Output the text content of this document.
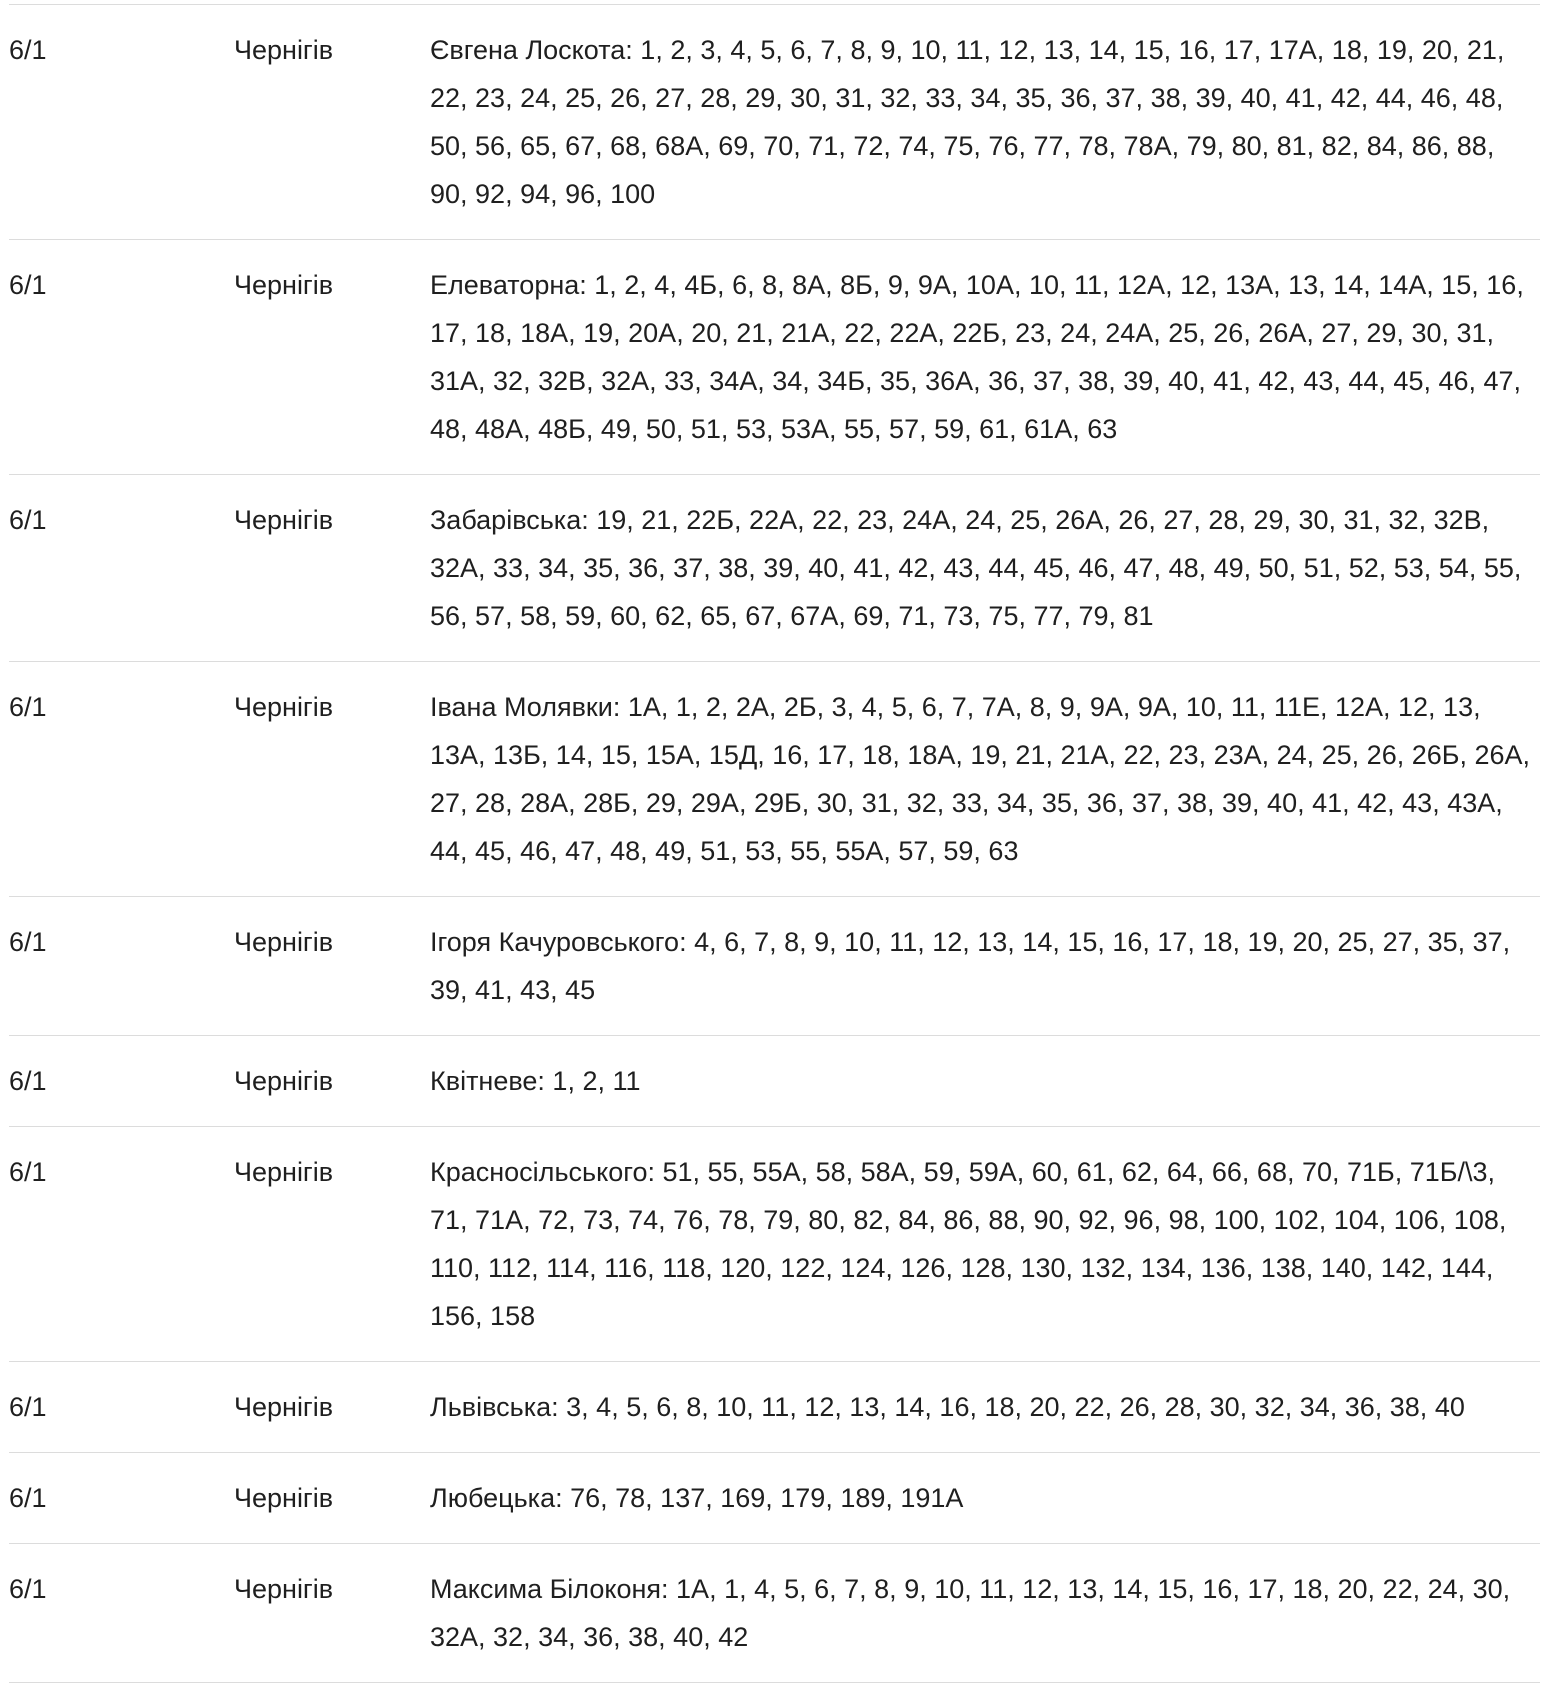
6/1	Чернігів	Євгена Лоскота: 1, 2, 3, 4, 5, 6, 7, 8, 9, 10, 11, 12, 13, 14, 15, 16, 17, 17А, 18, 19, 20, 21, 22, 23, 24, 25, 26, 27, 28, 29, 30, 31, 32, 33, 34, 35, 36, 37, 38, 39, 40, 41, 42, 44, 46, 48, 50, 56, 65, 67, 68, 68А, 69, 70, 71, 72, 74, 75, 76, 77, 78, 78А, 79, 80, 81, 82, 84, 86, 88, 90, 92, 94, 96, 100
6/1	Чернігів	Елеваторна: 1, 2, 4, 4Б, 6, 8, 8А, 8Б, 9, 9А, 10А, 10, 11, 12А, 12, 13А, 13, 14, 14А, 15, 16, 17, 18, 18А, 19, 20А, 20, 21, 21А, 22, 22А, 22Б, 23, 24, 24А, 25, 26, 26А, 27, 29, 30, 31, 31А, 32, 32В, 32А, 33, 34А, 34, 34Б, 35, 36А, 36, 37, 38, 39, 40, 41, 42, 43, 44, 45, 46, 47, 48, 48А, 48Б, 49, 50, 51, 53, 53А, 55, 57, 59, 61, 61А, 63
6/1	Чернігів	Забарівська: 19, 21, 22Б, 22А, 22, 23, 24А, 24, 25, 26А, 26, 27, 28, 29, 30, 31, 32, 32В, 32А, 33, 34, 35, 36, 37, 38, 39, 40, 41, 42, 43, 44, 45, 46, 47, 48, 49, 50, 51, 52, 53, 54, 55, 56, 57, 58, 59, 60, 62, 65, 67, 67А, 69, 71, 73, 75, 77, 79, 81
6/1	Чернігів	Івана Молявки: 1А, 1, 2, 2А, 2Б, 3, 4, 5, 6, 7, 7А, 8, 9, 9А, 9А, 10, 11, 11Е, 12А, 12, 13, 13А, 13Б, 14, 15, 15А, 15Д, 16, 17, 18, 18А, 19, 21, 21А, 22, 23, 23А, 24, 25, 26, 26Б, 26А, 27, 28, 28А, 28Б, 29, 29А, 29Б, 30, 31, 32, 33, 34, 35, 36, 37, 38, 39, 40, 41, 42, 43, 43А, 44, 45, 46, 47, 48, 49, 51, 53, 55, 55А, 57, 59, 63
6/1	Чернігів	Ігоря Качуровського: 4, 6, 7, 8, 9, 10, 11, 12, 13, 14, 15, 16, 17, 18, 19, 20, 25, 27, 35, 37, 39, 41, 43, 45
6/1	Чернігів	Квітневе: 1, 2, 11
6/1	Чернігів	Красносільського: 51, 55, 55А, 58, 58А, 59, 59А, 60, 61, 62, 64, 66, 68, 70, 71Б, 71Б/\3, 71, 71А, 72, 73, 74, 76, 78, 79, 80, 82, 84, 86, 88, 90, 92, 96, 98, 100, 102, 104, 106, 108, 110, 112, 114, 116, 118, 120, 122, 124, 126, 128, 130, 132, 134, 136, 138, 140, 142, 144, 156, 158
6/1	Чернігів	Львівська: 3, 4, 5, 6, 8, 10, 11, 12, 13, 14, 16, 18, 20, 22, 26, 28, 30, 32, 34, 36, 38, 40
6/1	Чернігів	Любецька: 76, 78, 137, 169, 179, 189, 191А
6/1	Чернігів	Максима Білоконя: 1А, 1, 4, 5, 6, 7, 8, 9, 10, 11, 12, 13, 14, 15, 16, 17, 18, 20, 22, 24, 30, 32А, 32, 34, 36, 38, 40, 42
